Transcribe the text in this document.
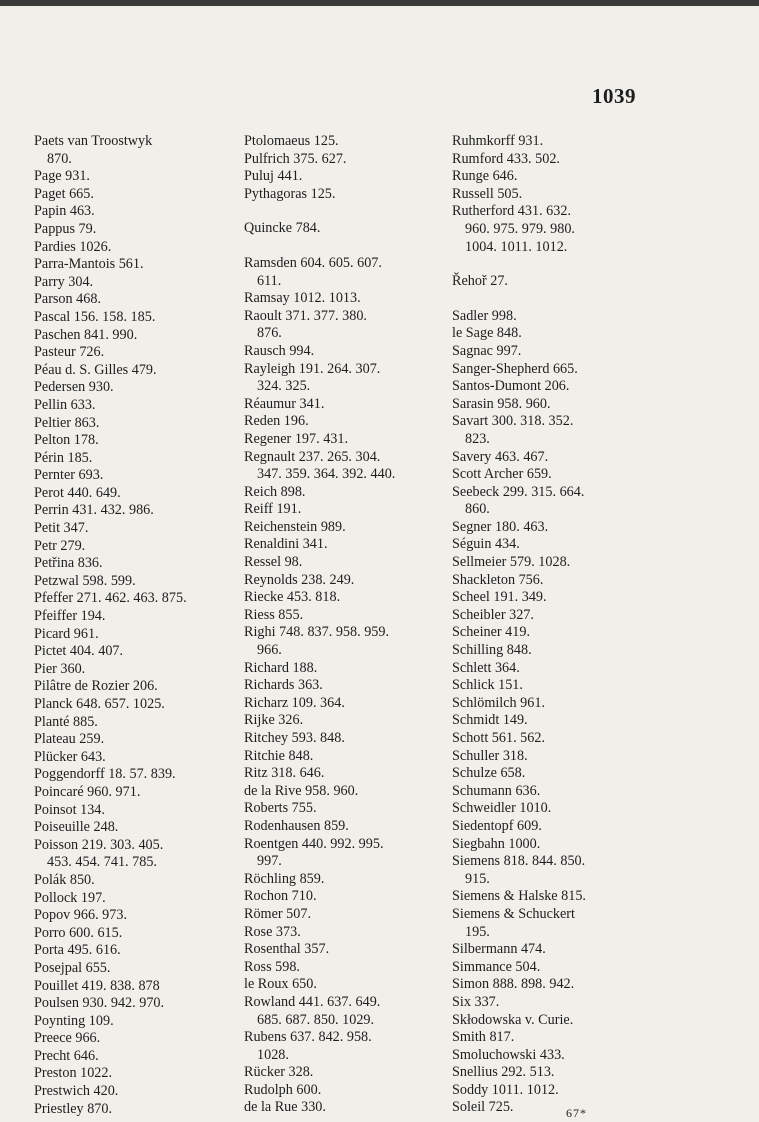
1039
Paets van Troostwyk
870.
Page 931.
Paget 665.
Papin 463.
Pappus 79.
Pardies 1026.
Parra-Mantois 561.
Parry 304.
Parson 468.
Pascal 156. 158. 185.
Paschen 841. 990.
Pasteur 726.
Péau d. S. Gilles 479.
Pedersen 930.
Pellin 633.
Peltier 863.
Pelton 178.
Périn 185.
Pernter 693.
Perot 440. 649.
Perrin 431. 432. 986.
Petit 347.
Petr 279.
Petřina 836.
Petzwal 598. 599.
Pfeffer 271. 462. 463. 875.
Pfeiffer 194.
Picard 961.
Pictet 404. 407.
Pier 360.
Pilâtre de Rozier 206.
Planck 648. 657. 1025.
Planté 885.
Plateau 259.
Plücker 643.
Poggendorff 18. 57. 839.
Poincaré 960. 971.
Poinsot 134.
Poiseuille 248.
Poisson 219. 303. 405.
453. 454. 741. 785.
Polák 850.
Pollock 197.
Popov 966. 973.
Porro 600. 615.
Porta 495. 616.
Posejpal 655.
Pouillet 419. 838. 878
Poulsen 930. 942. 970.
Poynting 109.
Preece 966.
Precht 646.
Preston 1022.
Prestwich 420.
Priestley 870.
Ptolomaeus 125.
Pulfrich 375. 627.
Puluj 441.
Pythagoras 125.
Quincke 784.
Ramsden 604. 605. 607.
611.
Ramsay 1012. 1013.
Raoult 371. 377. 380.
876.
Rausch 994.
Rayleigh 191. 264. 307.
324. 325.
Réaumur 341.
Reden 196.
Regener 197. 431.
Regnault 237. 265. 304.
347. 359. 364. 392. 440.
Reich 898.
Reiff 191.
Reichenstein 989.
Renaldini 341.
Ressel 98.
Reynolds 238. 249.
Riecke 453. 818.
Riess 855.
Righi 748. 837. 958. 959.
966.
Richard 188.
Richards 363.
Richarz 109. 364.
Rijke 326.
Ritchey 593. 848.
Ritchie 848.
Ritz 318. 646.
de la Rive 958. 960.
Roberts 755.
Rodenhausen 859.
Roentgen 440. 992. 995.
997.
Röchling 859.
Rochon 710.
Römer 507.
Rose 373.
Rosenthal 357.
Ross 598.
le Roux 650.
Rowland 441. 637. 649.
685. 687. 850. 1029.
Rubens 637. 842. 958.
1028.
Rücker 328.
Rudolph 600.
de la Rue 330.
Ruhmkorff 931.
Rumford 433. 502.
Runge 646.
Russell 505.
Rutherford 431. 632.
960. 975. 979. 980.
1004. 1011. 1012.
Řehoř 27.
Sadler 998.
le Sage 848.
Sagnac 997.
Sanger-Shepherd 665.
Santos-Dumont 206.
Sarasin 958. 960.
Savart 300. 318. 352.
823.
Savery 463. 467.
Scott Archer 659.
Seebeck 299. 315. 664.
860.
Segner 180. 463.
Séguin 434.
Sellmeier 579. 1028.
Shackleton 756.
Scheel 191. 349.
Scheibler 327.
Scheiner 419.
Schilling 848.
Schlett 364.
Schlick 151.
Schlömilch 961.
Schmidt 149.
Schott 561. 562.
Schuller 318.
Schulze 658.
Schumann 636.
Schweidler 1010.
Siedentopf 609.
Siegbahn 1000.
Siemens 818. 844. 850.
915.
Siemens & Halske 815.
Siemens & Schuckert
195.
Silbermann 474.
Simmance 504.
Simon 888. 898. 942.
Six 337.
Skłodowska v. Curie.
Smith 817.
Smoluchowski 433.
Snellius 292. 513.
Soddy 1011. 1012.
Soleil 725.	67*
